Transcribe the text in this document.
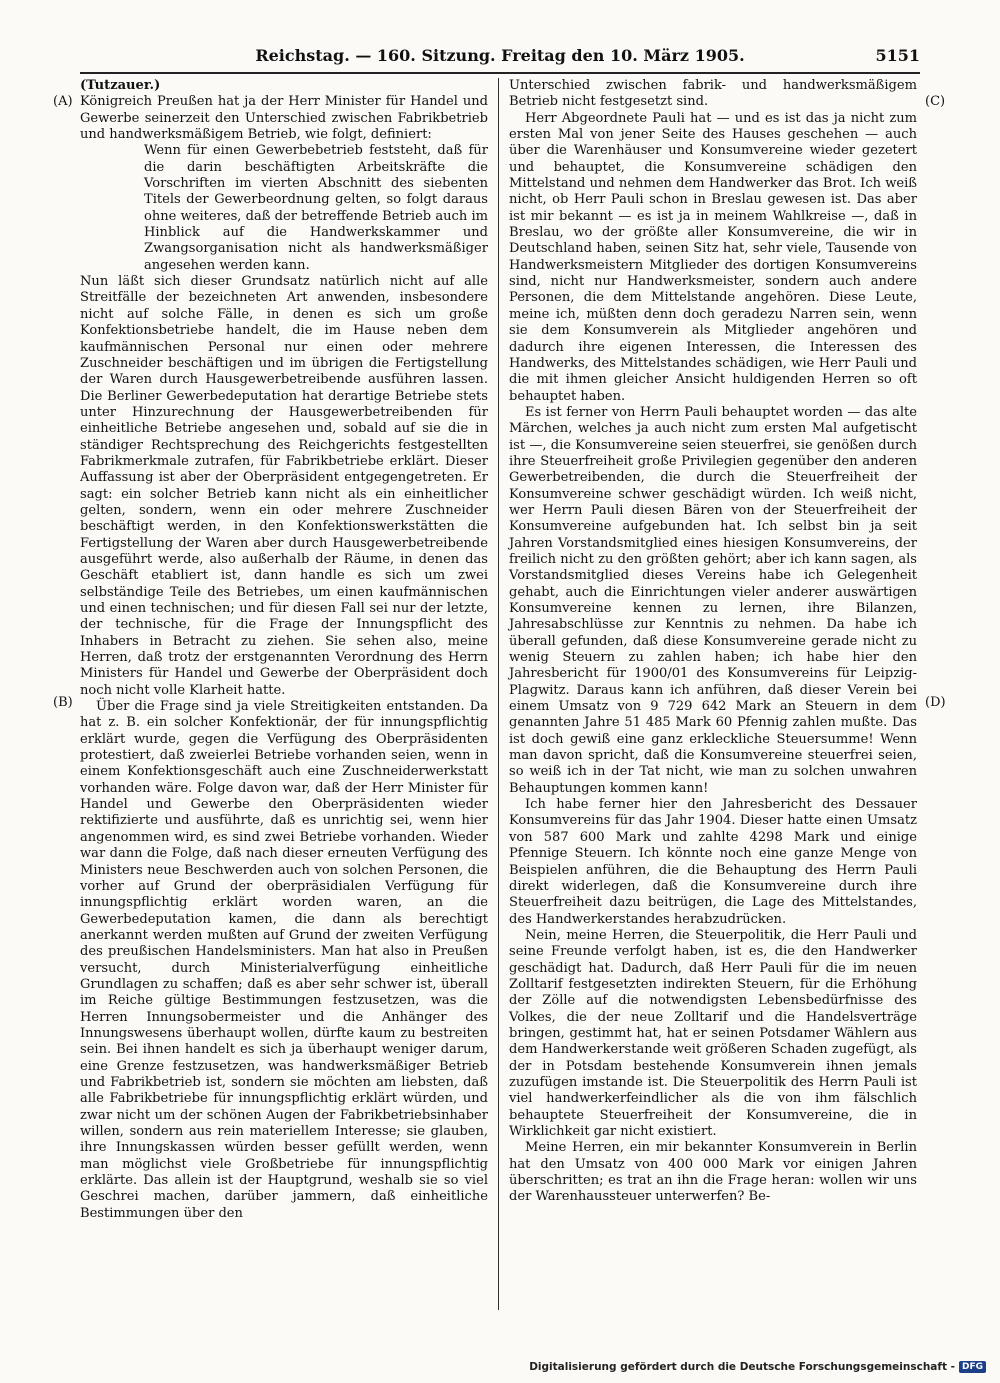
Reichstag. — 160. Sitzung. Freitag den 10. März 1905.	5151
(A)
(B)
(C)
(D)

(Tutzauer.)

Königreich Preußen hat ja der Herr Minister für Handel und Gewerbe seinerzeit den Unterschied zwischen Fabrikbetrieb und handwerksmäßigem Betrieb, wie folgt, definiert:

Wenn für einen Gewerbebetrieb feststeht, daß für die darin beschäftigten Arbeitskräfte die Vorschriften im vierten Abschnitt des siebenten Titels der Gewerbeordnung gelten, so folgt daraus ohne weiteres, daß der betreffende Betrieb auch im Hinblick auf die Handwerkskammer und Zwangsorganisation nicht als handwerksmäßiger angesehen werden kann.

Nun läßt sich dieser Grundsatz natürlich nicht auf alle Streitfälle der bezeichneten Art anwenden, insbesondere nicht auf solche Fälle, in denen es sich um große Konfektionsbetriebe handelt, die im Hause neben dem kaufmännischen Personal nur einen oder mehrere Zuschneider beschäftigen und im übrigen die Fertigstellung der Waren durch Hausgewerbetreibende ausführen lassen. Die Berliner Gewerbedeputation hat derartige Betriebe stets unter Hinzurechnung der Hausgewerbetreibenden für einheitliche Betriebe angesehen und, sobald auf sie die in ständiger Rechtsprechung des Reichgerichts festgestellten Fabrikmerkmale zutrafen, für Fabrikbetriebe erklärt. Dieser Auffassung ist aber der Oberpräsident entgegengetreten. Er sagt: ein solcher Betrieb kann nicht als ein einheitlicher gelten, sondern, wenn ein oder mehrere Zuschneider beschäftigt werden, in den Konfektionswerkstätten die Fertigstellung der Waren aber durch Hausgewerbetreibende ausgeführt werde, also außerhalb der Räume, in denen das Geschäft etabliert ist, dann handle es sich um zwei selbständige Teile des Betriebes, um einen kaufmännischen und einen technischen; und für diesen Fall sei nur der letzte, der technische, für die Frage der Innungspflicht des Inhabers in Betracht zu ziehen. Sie sehen also, meine Herren, daß trotz der erstgenannten Verordnung des Herrn Ministers für Handel und Gewerbe der Oberpräsident doch noch nicht volle Klarheit hatte.

Über die Frage sind ja viele Streitigkeiten entstanden. Da hat z. B. ein solcher Konfektionär, der für innungspflichtig erklärt wurde, gegen die Verfügung des Oberpräsidenten protestiert, daß zweierlei Betriebe vorhanden seien, wenn in einem Konfektionsgeschäft auch eine Zuschneiderwerkstatt vorhanden wäre. Folge davon war, daß der Herr Minister für Handel und Gewerbe den Oberpräsidenten wieder rektifizierte und ausführte, daß es unrichtig sei, wenn hier angenommen wird, es sind zwei Betriebe vorhanden. Wieder war dann die Folge, daß nach dieser erneuten Verfügung des Ministers neue Beschwerden auch von solchen Personen, die vorher auf Grund der oberpräsidialen Verfügung für innungspflichtig erklärt worden waren, an die Gewerbedeputation kamen, die dann als berechtigt anerkannt werden mußten auf Grund der zweiten Verfügung des preußischen Handelsministers. Man hat also in Preußen versucht, durch Ministerialverfügung einheitliche Grundlagen zu schaffen; daß es aber sehr schwer ist, überall im Reiche gültige Bestimmungen festzusetzen, was die Herren Innungsobermeister und die Anhänger des Innungswesens überhaupt wollen, dürfte kaum zu bestreiten sein. Bei ihnen handelt es sich ja überhaupt weniger darum, eine Grenze festzusetzen, was handwerksmäßiger Betrieb und Fabrikbetrieb ist, sondern sie möchten am liebsten, daß alle Fabrikbetriebe für innungspflichtig erklärt würden, und zwar nicht um der schönen Augen der Fabrikbetriebsinhaber willen, sondern aus rein materiellem Interesse; sie glauben, ihre Innungskassen würden besser gefüllt werden, wenn man möglichst viele Großbetriebe für innungspflichtig erklärte. Das allein ist der Hauptgrund, weshalb sie so viel Geschrei machen, darüber jammern, daß einheitliche Bestimmungen über den

Unterschied zwischen fabrik- und handwerksmäßigem Betrieb nicht festgesetzt sind.

Herr Abgeordnete Pauli hat — und es ist das ja nicht zum ersten Mal von jener Seite des Hauses geschehen — auch über die Warenhäuser und Konsumvereine wieder gezetert und behauptet, die Konsumvereine schädigen den Mittelstand und nehmen dem Handwerker das Brot. Ich weiß nicht, ob Herr Pauli schon in Breslau gewesen ist. Das aber ist mir bekannt — es ist ja in meinem Wahlkreise —, daß in Breslau, wo der größte aller Konsumvereine, die wir in Deutschland haben, seinen Sitz hat, sehr viele, Tausende von Handwerksmeistern Mitglieder des dortigen Konsumvereins sind, nicht nur Handwerksmeister, sondern auch andere Personen, die dem Mittelstande angehören. Diese Leute, meine ich, müßten denn doch geradezu Narren sein, wenn sie dem Konsumverein als Mitglieder angehören und dadurch ihre eigenen Interessen, die Interessen des Handwerks, des Mittelstandes schädigen, wie Herr Pauli und die mit ihmen gleicher Ansicht huldigenden Herren so oft behauptet haben.

Es ist ferner von Herrn Pauli behauptet worden — das alte Märchen, welches ja auch nicht zum ersten Mal aufgetischt ist —, die Konsumvereine seien steuerfrei, sie genößen durch ihre Steuerfreiheit große Privilegien gegenüber den anderen Gewerbetreibenden, die durch die Steuerfreiheit der Konsumvereine schwer geschädigt würden. Ich weiß nicht, wer Herrn Pauli diesen Bären von der Steuerfreiheit der Konsumvereine aufgebunden hat. Ich selbst bin ja seit Jahren Vorstandsmitglied eines hiesigen Konsumvereins, der freilich nicht zu den größten gehört; aber ich kann sagen, als Vorstandsmitglied dieses Vereins habe ich Gelegenheit gehabt, auch die Einrichtungen vieler anderer auswärtigen Konsumvereine kennen zu lernen, ihre Bilanzen, Jahresabschlüsse zur Kenntnis zu nehmen. Da habe ich überall gefunden, daß diese Konsumvereine gerade nicht zu wenig Steuern zu zahlen haben; ich habe hier den Jahresbericht für 1900/01 des Konsumvereins für Leipzig-Plagwitz. Daraus kann ich anführen, daß dieser Verein bei einem Umsatz von 9 729 642 Mark an Steuern in dem genannten Jahre 51 485 Mark 60 Pfennig zahlen mußte. Das ist doch gewiß eine ganz erkleckliche Steuersumme! Wenn man davon spricht, daß die Konsumvereine steuerfrei seien, so weiß ich in der Tat nicht, wie man zu solchen unwahren Behauptungen kommen kann!

Ich habe ferner hier den Jahresbericht des Dessauer Konsumvereins für das Jahr 1904. Dieser hatte einen Umsatz von 587 600 Mark und zahlte 4298 Mark und einige Pfennige Steuern. Ich könnte noch eine ganze Menge von Beispielen anführen, die die Behauptung des Herrn Pauli direkt widerlegen, daß die Konsumvereine durch ihre Steuerfreiheit dazu beitrügen, die Lage des Mittelstandes, des Handwerkerstandes herabzudrücken.

Nein, meine Herren, die Steuerpolitik, die Herr Pauli und seine Freunde verfolgt haben, ist es, die den Handwerker geschädigt hat. Dadurch, daß Herr Pauli für die im neuen Zolltarif festgesetzten indirekten Steuern, für die Erhöhung der Zölle auf die notwendigsten Lebensbedürfnisse des Volkes, die der neue Zolltarif und die Handelsverträge bringen, gestimmt hat, hat er seinen Potsdamer Wählern aus dem Handwerkerstande weit größeren Schaden zugefügt, als der in Potsdam bestehende Konsumverein ihnen jemals zuzufügen imstande ist. Die Steuerpolitik des Herrn Pauli ist viel handwerkerfeindlicher als die von ihm fälschlich behauptete Steuerfreiheit der Konsumvereine, die in Wirklichkeit gar nicht existiert.

Meine Herren, ein mir bekannter Konsumverein in Berlin hat den Umsatz von 400 000 Mark vor einigen Jahren überschritten; es trat an ihn die Frage heran: wollen wir uns der Warenhaussteuer unterwerfen? Be-

Digitalisierung gefördert durch die Deutsche Forschungsgemeinschaft - DFG
